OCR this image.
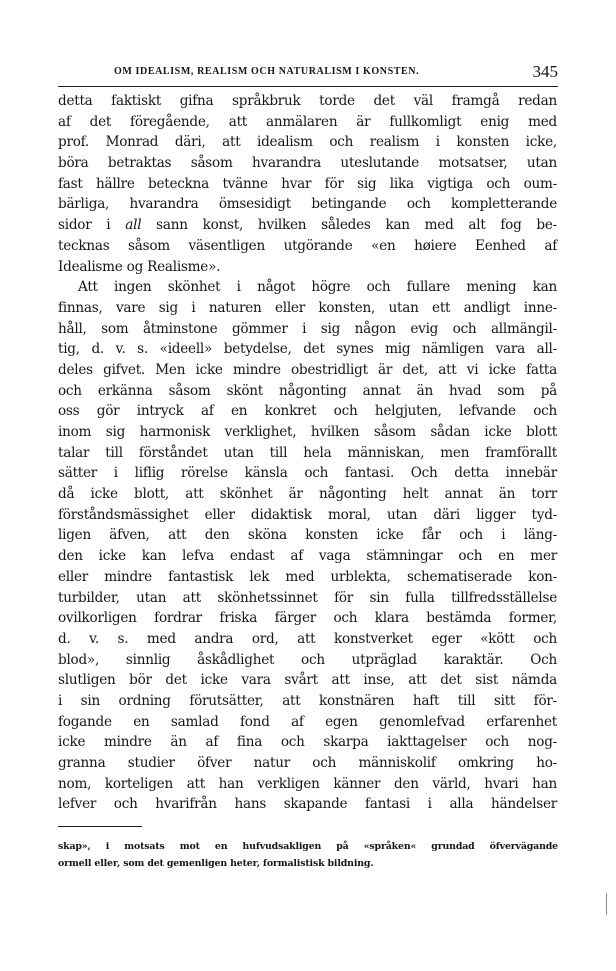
OM IDEALISM, REALISM OCH NATURALISM I KONSTEN.	345
detta faktiskt gifna språkbruk torde det väl framgå redan
af det föregående, att anmälaren är fullkomligt enig med
prof. Monrad däri, att idealism och realism i konsten icke,
böra betraktas såsom hvarandra uteslutande motsatser, utan
fast hällre beteckna tvänne hvar för sig lika vigtiga och oum-
bärliga, hvarandra ömsesidigt betingande och kompletterande
sidor i all sann konst, hvilken således kan med alt fog be-
tecknas såsom väsentligen utgörande «en høiere Eenhed af
Idealisme og Realisme».
Att ingen skönhet i något högre och fullare mening kan
finnas, vare sig i naturen eller konsten, utan ett andligt inne-
håll, som åtminstone gömmer i sig någon evig och allmängil-
tig, d. v. s. «ideell» betydelse, det synes mig nämligen vara all-
deles gifvet. Men icke mindre obestridligt är det, att vi icke fatta
och erkänna såsom skönt någonting annat än hvad som på
oss gör intryck af en konkret och helgjuten, lefvande och
inom sig harmonisk verklighet, hvilken såsom sådan icke blott
talar till förståndet utan till hela människan, men framförallt
sätter i liflig rörelse känsla och fantasi. Och detta innebär
då icke blott, att skönhet är någonting helt annat än torr
förståndsmässighet eller didaktisk moral, utan däri ligger tyd-
ligen äfven, att den sköna konsten icke får och i läng-
den icke kan lefva endast af vaga stämningar och en mer
eller mindre fantastisk lek med urblekta, schematiserade kon-
turbilder, utan att skönhetssinnet för sin fulla tillfredsställelse
ovilkorligen fordrar friska färger och klara bestämda former,
d. v. s. med andra ord, att konstverket eger «kött och
blod», sinnlig åskådlighet och utpräglad karaktär. Och
slutligen bör det icke vara svårt att inse, att det sist nämda
i sin ordning förutsätter, att konstnären haft till sitt för-
fogande en samlad fond af egen genomlefvad erfarenhet
icke mindre än af fina och skarpa iakttagelser och nog-
granna studier öfver natur och människolif omkring ho-
nom, korteligen att han verkligen känner den värld, hvari han
lefver och hvarifrån hans skapande fantasi i alla händelser
skap», i motsats mot en hufvudsakligen på «språken« grundad öfvervägande
ormell eller, som det gemenligen heter, formalistisk bildning.
